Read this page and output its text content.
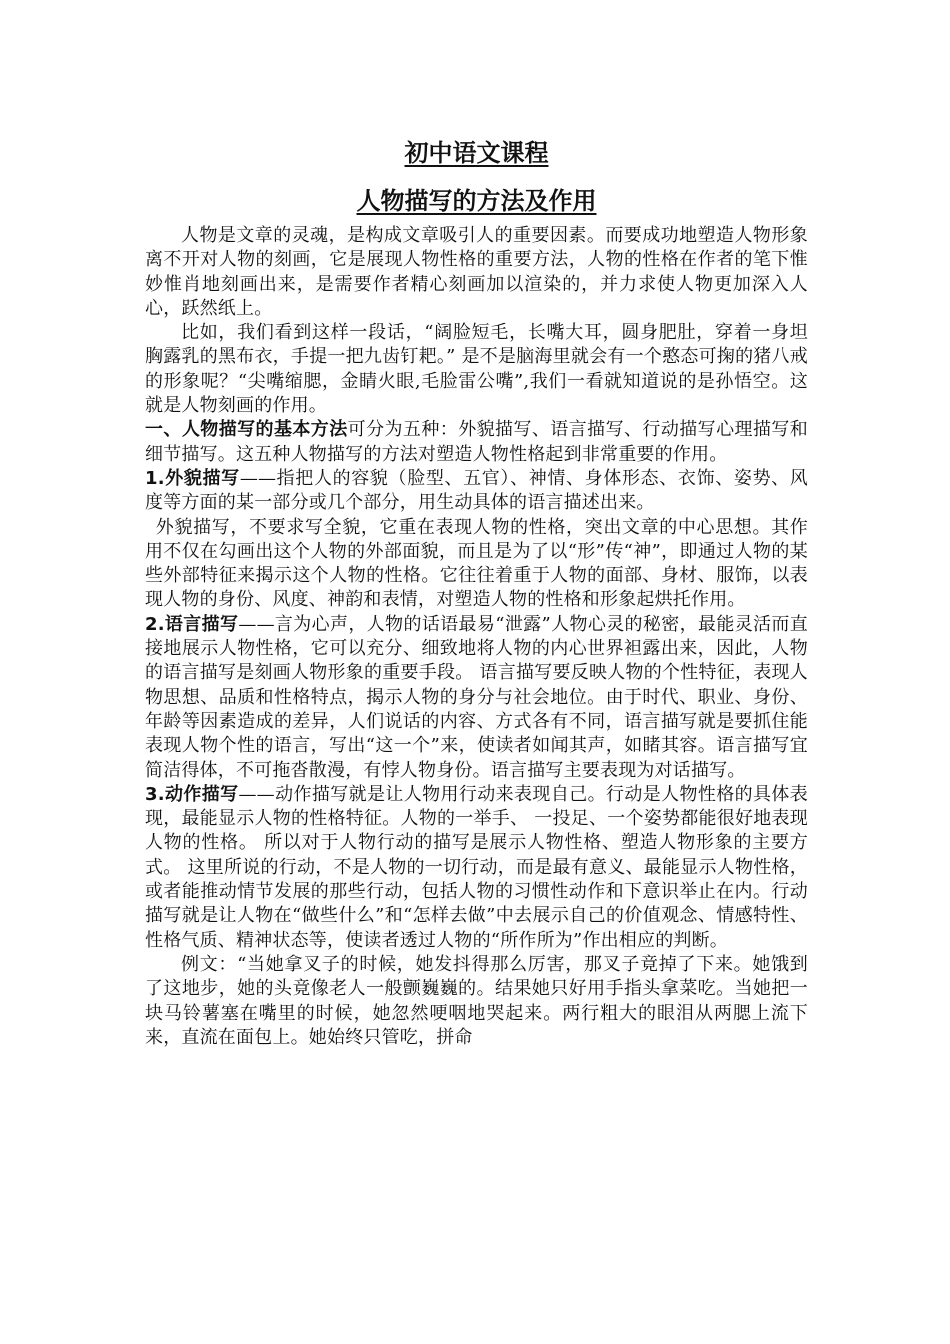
初中语文课程
人物描写的方法及作用

人物是文章的灵魂，是构成文章吸引人的重要因素。而要成功地塑造人物形象离不开对人物的刻画，它是展现人物性格的重要方法，人物的性格在作者的笔下惟妙惟肖地刻画出来，是需要作者精心刻画加以渲染的，并力求使人物更加深入人心，跃然纸上。

比如，我们看到这样一段话，“阔脸短毛，长嘴大耳，圆身肥肚，穿着一身坦胸露乳的黑布衣，手提一把九齿钉耙。” 是不是脑海里就会有一个憨态可掬的猪八戒的形象呢？“尖嘴缩腮，金睛火眼,毛脸雷公嘴”,我们一看就知道说的是孙悟空。这就是人物刻画的作用。

一、人物描写的基本方法可分为五种：外貌描写、语言描写、行动描写心理描写和细节描写。这五种人物描写的方法对塑造人物性格起到非常重要的作用。

1.外貌描写——指把人的容貌（脸型、五官）、神情、身体形态、衣饰、姿势、风度等方面的某一部分或几个部分，用生动具体的语言描述出来。

外貌描写，不要求写全貌，它重在表现人物的性格，突出文章的中心思想。其作用不仅在勾画出这个人物的外部面貌，而且是为了以“形”传“神”，即通过人物的某些外部特征来揭示这个人物的性格。它往往着重于人物的面部、身材、服饰，以表现人物的身份、风度、神韵和表情，对塑造人物的性格和形象起烘托作用。

2.语言描写——言为心声，人物的话语最易“泄露”人物心灵的秘密，最能灵活而直接地展示人物性格，它可以充分、细致地将人物的内心世界袒露出来，因此，人物的语言描写是刻画人物形象的重要手段。 语言描写要反映人物的个性特征，表现人物思想、品质和性格特点，揭示人物的身分与社会地位。由于时代、职业、身份、年龄等因素造成的差异，人们说话的内容、方式各有不同，语言描写就是要抓住能表现人物个性的语言，写出“这一个”来，使读者如闻其声，如睹其容。语言描写宜简洁得体，不可拖沓散漫，有悖人物身份。语言描写主要表现为对话描写。

3.动作描写——动作描写就是让人物用行动来表现自己。行动是人物性格的具体表现，最能显示人物的性格特征。人物的一举手、 一投足、一个姿势都能很好地表现人物的性格。 所以对于人物行动的描写是展示人物性格、塑造人物形象的主要方式。 这里所说的行动，不是人物的一切行动，而是最有意义、最能显示人物性格，或者能推动情节发展的那些行动，包括人物的习惯性动作和下意识举止在内。行动描写就是让人物在“做些什么”和“怎样去做”中去展示自己的价值观念、情感特性、性格气质、精神状态等，使读者透过人物的“所作所为”作出相应的判断。

例文：“当她拿叉子的时候，她发抖得那么厉害，那叉子竟掉了下来。她饿到了这地步，她的头竟像老人一般颤巍巍的。结果她只好用手指头拿菜吃。当她把一块马铃薯塞在嘴里的时候，她忽然哽咽地哭起来。两行粗大的眼泪从两腮上流下来，直流在面包上。她始终只管吃，拼命
